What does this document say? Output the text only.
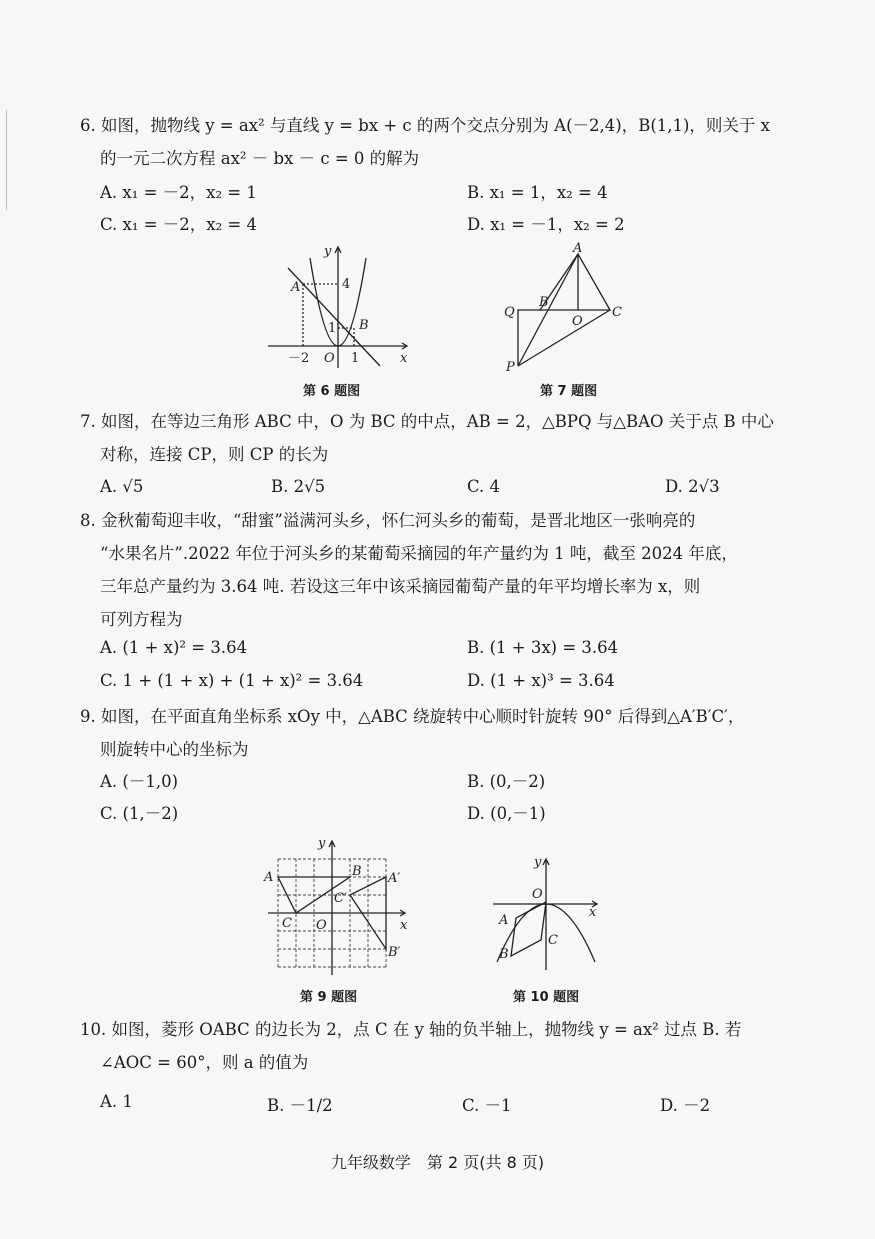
6. 如图，抛物线 y = ax² 与直线 y = bx + c 的两个交点分别为 A(－2,4)，B(1,1)，则关于 x
的一元二次方程 ax² － bx － c = 0 的解为
A. x₁ = －2，x₂ = 1	B. x₁ = 1，x₂ = 4
C. x₁ = －2，x₂ = 4	D. x₁ = －1，x₂ = 2
y
x
A
B
4
1
－2 O 1
第 6 题图
A
B
Q
O
C
P
第 7 题图
7. 如图，在等边三角形 ABC 中，O 为 BC 的中点，AB = 2，△BPQ 与△BAO 关于点 B 中心
对称，连接 CP，则 CP 的长为
A. √5	B. 2√5	C. 4	D. 2√3
8. 金秋葡萄迎丰收，“甜蜜”溢满河头乡，怀仁河头乡的葡萄，是晋北地区一张响亮的
“水果名片”.2022 年位于河头乡的某葡萄采摘园的年产量约为 1 吨，截至 2024 年底，
三年总产量约为 3.64 吨. 若设这三年中该采摘园葡萄产量的年平均增长率为 x，则
可列方程为
A. (1 + x)² = 3.64	B. (1 + 3x) = 3.64
C. 1 + (1 + x) + (1 + x)² = 3.64	D. (1 + x)³ = 3.64
9. 如图，在平面直角坐标系 xOy 中，△ABC 绕旋转中心顺时针旋转 90° 后得到△A′B′C′，
则旋转中心的坐标为
A. (－1,0)	B. (0,－2)
C. (1,－2)	D. (0,－1)
y
x
A	B A′
C′
C O
B′
第 9 题图
y
x
O
A
C
B
第 10 题图
10. 如图，菱形 OABC 的边长为 2，点 C 在 y 轴的负半轴上，抛物线 y = ax² 过点 B. 若
∠AOC = 60°，则 a 的值为
A. 1	B. －1/2	C. －1	D. －2
九年级数学　第 2 页(共 8 页)
